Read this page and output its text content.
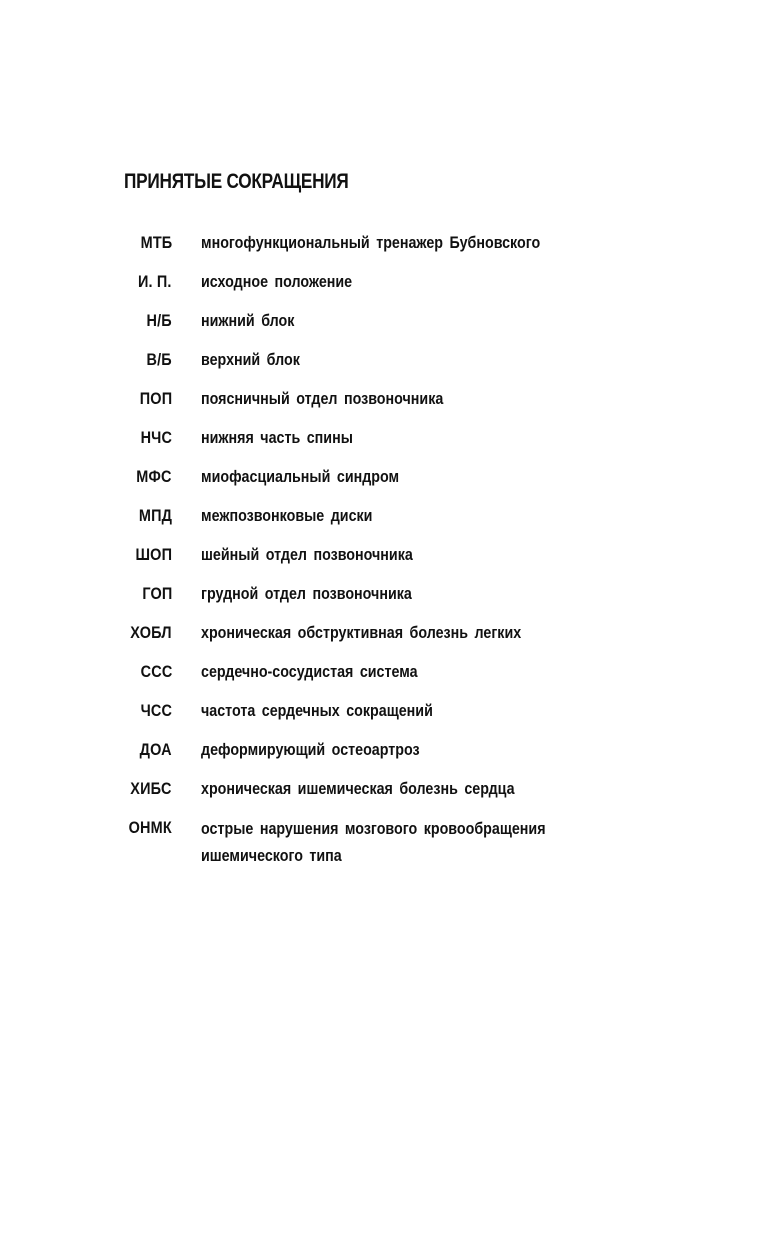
ПРИНЯТЫЕ СОКРАЩЕНИЯ
МТБ многофункциональный тренажер Бубновского
И. П. исходное положение
Н/Б нижний блок
В/Б верхний блок
ПОП поясничный отдел позвоночника
НЧС нижняя часть спины
МФС миофасциальный синдром
МПД межпозвонковые диски
ШОП шейный отдел позвоночника
ГОП грудной отдел позвоночника
ХОБЛ хроническая обструктивная болезнь легких
ССС сердечно-сосудистая система
ЧСС частота сердечных сокращений
ДОА деформирующий остеоартроз
ХИБС хроническая ишемическая болезнь сердца
ОНМК острые нарушения мозгового кровообращения
ишемического типа
